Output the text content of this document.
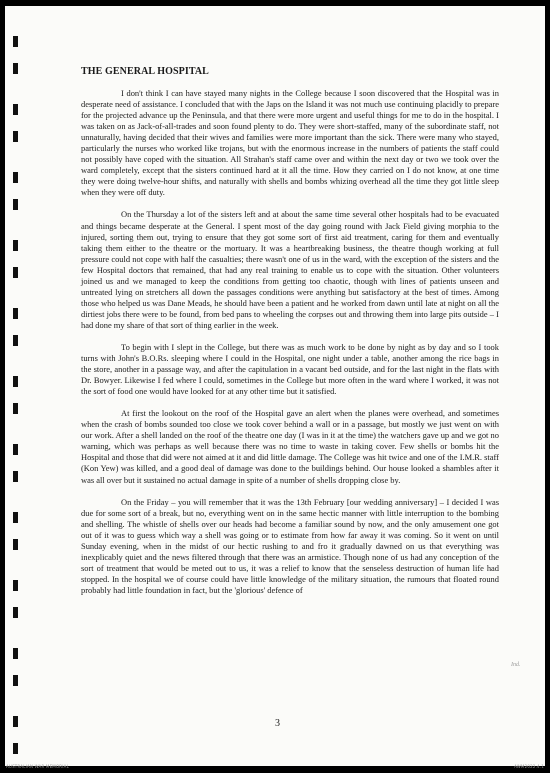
THE GENERAL HOSPITAL

I don't think I can have stayed many nights in the College because I soon discovered that the Hospital was in desperate need of assistance. I concluded that with the Japs on the Island it was not much use continuing placidly to prepare for the projected advance up the Peninsula, and that there were more urgent and useful things for me to do in the hospital. I was taken on as Jack-of-all-trades and soon found plenty to do. They were short-staffed, many of the subordinate staff, not unnaturally, having decided that their wives and families were more important than the sick. There were many who stayed, particularly the nurses who worked like trojans, but with the enormous increase in the numbers of patients the staff could not possibly have coped with the situation. All Strahan's staff came over and within the next day or two we took over the ward completely, except that the sisters continued hard at it all the time. How they carried on I do not know, at one time they were doing twelve-hour shifts, and naturally with shells and bombs whizing overhead all the time they got little sleep when they were off duty.

On the Thursday a lot of the sisters left and at about the same time several other hospitals had to be evacuated and things became desperate at the General. I spent most of the day going round with Jack Field giving morphia to the injured, sorting them out, trying to ensure that they got some sort of first aid treatment, caring for them and eventually taking them either to the theatre or the mortuary. It was a heartbreaking business, the theatre though working at full pressure could not cope with half the casualties; there wasn't one of us in the ward, with the exception of the sisters and the few Hospital doctors that remained, that had any real training to enable us to cope with the situation. Other volunteers joined us and we managed to keep the conditions from getting too chaotic, though with lines of patients unseen and untreated lying on stretchers all down the passages conditions were anything but satisfactory at the best of times. Among those who helped us was Dane Meads, he should have been a patient and he worked from dawn until late at night on all the dirtiest jobs there were to be found, from bed pans to wheeling the corpses out and throwing them into large pits outside – I had done my share of that sort of thing earlier in the week.

To begin with I slept in the College, but there was as much work to be done by night as by day and so I took turns with John's B.O.Rs. sleeping where I could in the Hospital, one night under a table, another among the rice bags in the store, another in a passage way, and after the capitulation in a vacant bed outside, and for the last night in the flats with Dr. Bowyer. Likewise I fed where I could, sometimes in the College but more often in the ward where I worked, it was not the sort of food one would have looked for at any other time but it satisfied.

At first the lookout on the roof of the Hospital gave an alert when the planes were overhead, and sometimes when the crash of bombs sounded too close we took cover behind a wall or in a passage, but mostly we just went on with our work. After a shell landed on the roof of the theatre one day (I was in it at the time) the watchers gave up and we got no warning, which was perhaps as well because there was no time to waste in taking cover. Few shells or bombs hit the Hospital and those that did were not aimed at it and did little damage. The College was hit twice and one of the I.M.R. staff (Kon Yew) was killed, and a good deal of damage was done to the buildings behind. Our house looked a shambles after it was all over but it sustained no actual damage in spite of a number of shells dropping close by.

On the Friday – you will remember that it was the 13th February [our wedding anniversary] – I decided I was due for some sort of a break, but no, everything went on in the same hectic manner with little interruption to the bombing and shelling. The whistle of shells over our heads had become a familiar sound by now, and the only amusement one got out of it was to guess which way a shell was going or to estimate from how far away it was coming. So it went on until Sunday evening, when in the midst of our hectic rushing to and fro it gradually dawned on us that everything was inexplicably quiet and the news filtered through that there was an armistice. Though none of us had any conception of the sort of treatment that would be meted out to us, it was a relief to know that the senseless destruction of human life had stopped. In the hospital we of course could have little knowledge of the military situation, the rumours that floated round probably had little foundation in fact, but the 'glorious' defence of

Ind.
3
AUSTRALIAN WAR MEMORIAL	AWM2022.4.1
